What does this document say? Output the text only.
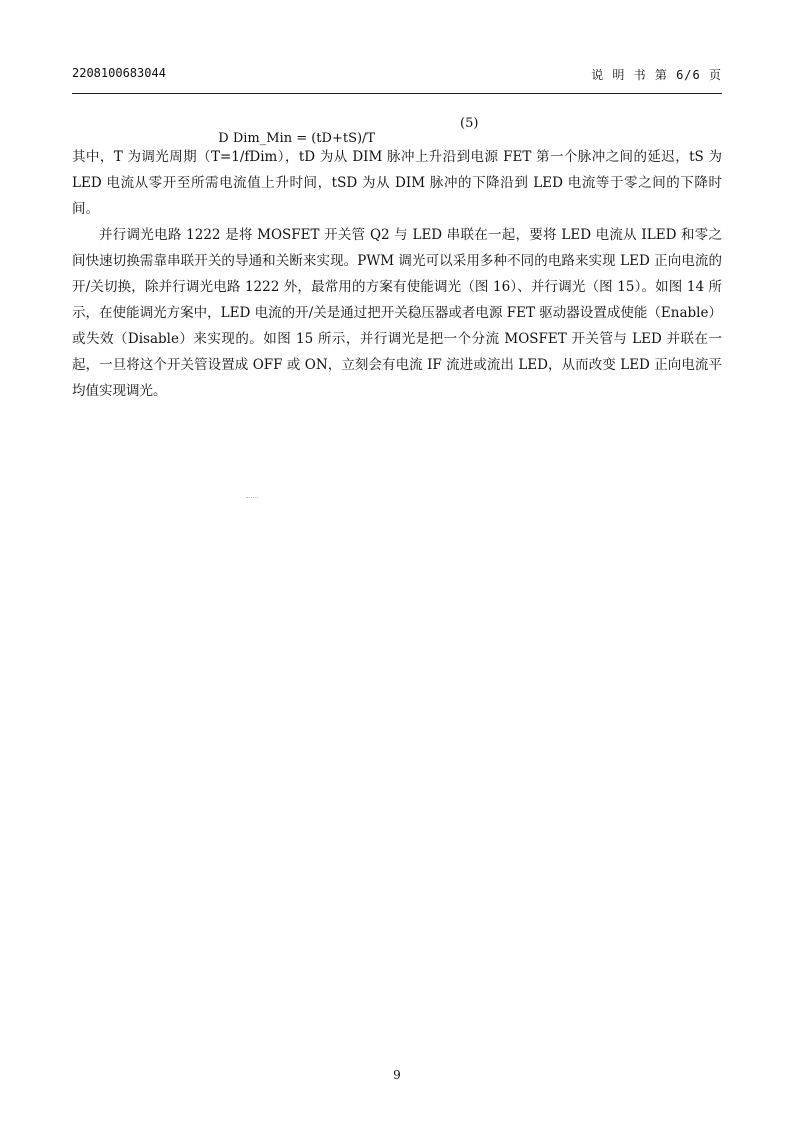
2208100683044	说 明 书 第 6/6 页

D Dim_Min = (tD+tS)/T

(5)

其中，T 为调光周期（T=1/fDim），tD 为从 DIM 脉冲上升沿到电源 FET 第一个脉冲之间的延迟，tS 为 LED 电流从零开至所需电流值上升时间，tSD 为从 DIM 脉冲的下降沿到 LED 电流等于零之间的下降时间。

并行调光电路 1222 是将 MOSFET 开关管 Q2 与 LED 串联在一起，要将 LED 电流从 ILED 和零之间快速切换需靠串联开关的导通和关断来实现。PWM 调光可以采用多种不同的电路来实现 LED 正向电流的开/关切换，除并行调光电路 1222 外，最常用的方案有使能调光（图 16）、并行调光（图 15）。如图 14 所示，在使能调光方案中，LED 电流的开/关是通过把开关稳压器或者电源 FET 驱动器设置成使能（Enable）或失效（Disable）来实现的。如图 15 所示，并行调光是把一个分流 MOSFET 开关管与 LED 并联在一起，一旦将这个开关管设置成 OFF 或 ON，立刻会有电流 IF 流进或流出 LED，从而改变 LED 正向电流平均值实现调光。

9
